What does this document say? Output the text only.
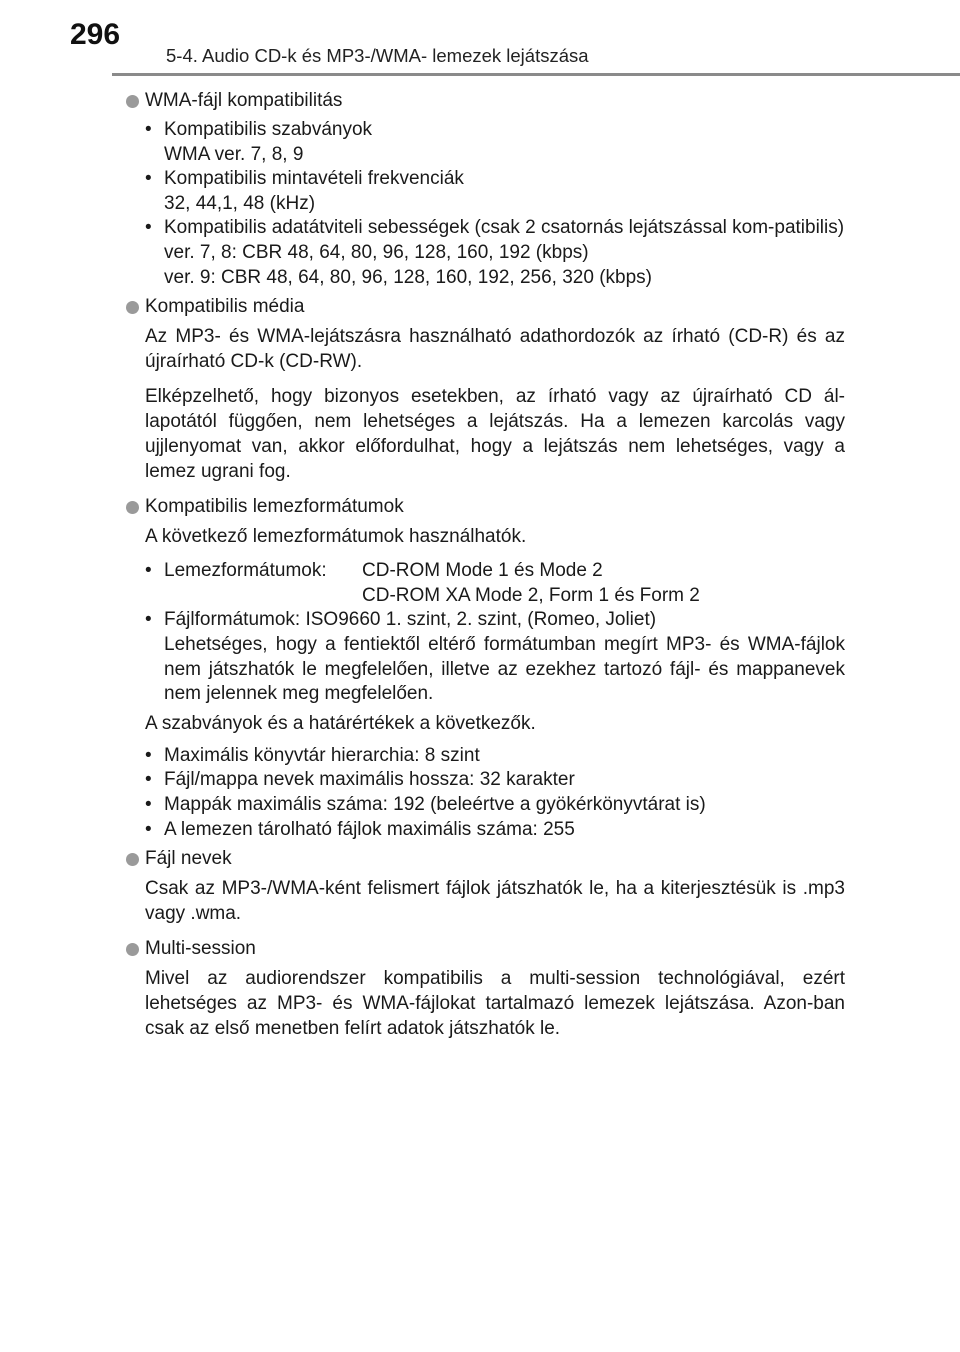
296
5-4. Audio CD-k és MP3-/WMA- lemezek lejátszása
WMA-fájl kompatibilitás
• Kompatibilis szabványok
WMA ver. 7, 8, 9
• Kompatibilis mintavételi frekvenciák
32, 44,1, 48 (kHz)
• Kompatibilis adatátviteli sebességek (csak 2 csatornás lejátszással kom-patibilis)
ver. 7, 8: CBR 48, 64, 80, 96, 128, 160, 192 (kbps)
ver. 9: CBR 48, 64, 80, 96, 128, 160, 192, 256, 320 (kbps)
Kompatibilis média

Az MP3- és WMA-lejátszásra használható adathordozók az írható (CD-R) és az újraírható CD-k (CD-RW).

Elképzelhető, hogy bizonyos esetekben, az írható vagy az újraírható CD ál-lapotától függően, nem lehetséges a lejátszás. Ha a lemezen karcolás vagy ujjlenyomat van, akkor előfordulhat, hogy a lejátszás nem lehetséges, vagy a lemez ugrani fog.

Kompatibilis lemezformátumok

A következő lemezformátumok használhatók.

• Lemezformátumok:	CD-ROM Mode 1 és Mode 2
CD-ROM XA Mode 2, Form 1 és Form 2
• Fájlformátumok: ISO9660 1. szint, 2. szint, (Romeo, Joliet)
Lehetséges, hogy a fentiektől eltérő formátumban megírt MP3- és WMA-fájlok nem játszhatók le megfelelően, illetve az ezekhez tartozó fájl- és mappanevek nem jelennek meg megfelelően.

A szabványok és a határértékek a következők.

• Maximális könyvtár hierarchia: 8 szint
• Fájl/mappa nevek maximális hossza: 32 karakter
• Mappák maximális száma: 192 (beleértve a gyökérkönyvtárat is)
• A lemezen tárolható fájlok maximális száma: 255
Fájl nevek

Csak az MP3-/WMA-ként felismert fájlok játszhatók le, ha a kiterjesztésük is .mp3 vagy .wma.

Multi-session

Mivel az audiorendszer kompatibilis a multi-session technológiával, ezért lehetséges az MP3- és WMA-fájlokat tartalmazó lemezek lejátszása. Azon-ban csak az első menetben felírt adatok játszhatók le.
